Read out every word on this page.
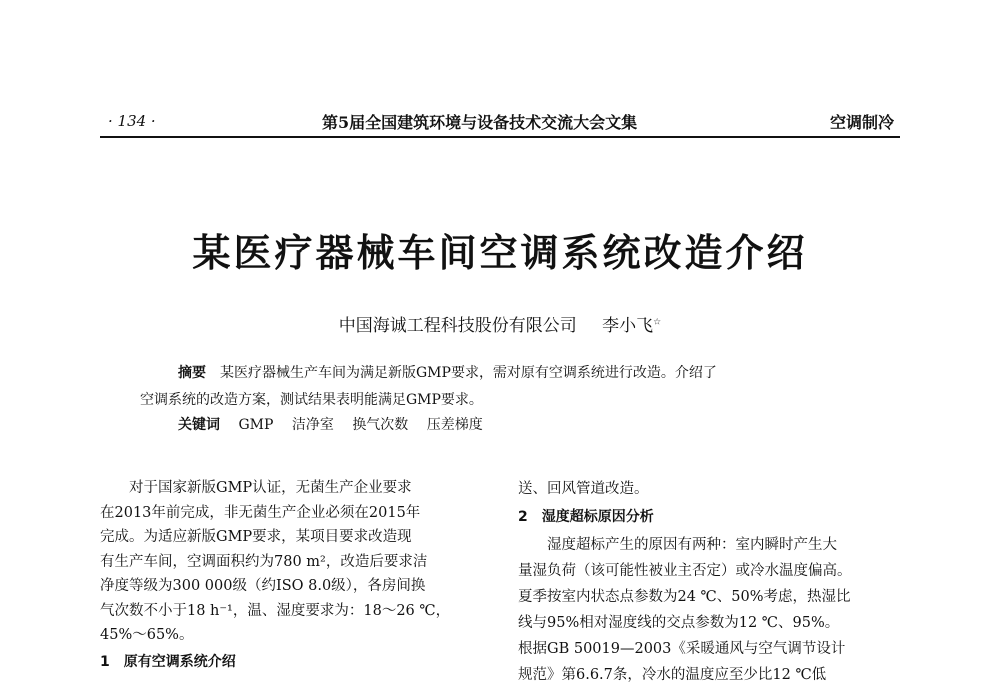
· 134 ·	第5届全国建筑环境与设备技术交流大会文集	空调制冷
某医疗器械车间空调系统改造介绍
中国海诚工程科技股份有限公司 李小飞☆
摘要 某医疗器械生产车间为满足新版GMP要求，需对原有空调系统进行改造。介绍了
空调系统的改造方案，测试结果表明能满足GMP要求。
关键词 GMP 洁净室 换气次数 压差梯度

对于国家新版GMP认证，无菌生产企业要求

在2013年前完成，非无菌生产企业必须在2015年

完成。为适应新版GMP要求，某项目要求改造现

有生产车间，空调面积约为780 m²，改造后要求洁

净度等级为300 000级（约ISO 8.0级），各房间换

气次数不小于18 h⁻¹，温、湿度要求为：18～26 ℃，

45%～65%。

1 原有空调系统介绍

送、回风管道改造。

2 湿度超标原因分析

湿度超标产生的原因有两种：室内瞬时产生大

量湿负荷（该可能性被业主否定）或冷水温度偏高。

夏季按室内状态点参数为24 ℃、50%考虑，热湿比

线与95%相对湿度线的交点参数为12 ℃、95%。

根据GB 50019—2003《采暖通风与空气调节设计

规范》第6.6.7条，冷水的温度应至少比12 ℃低
